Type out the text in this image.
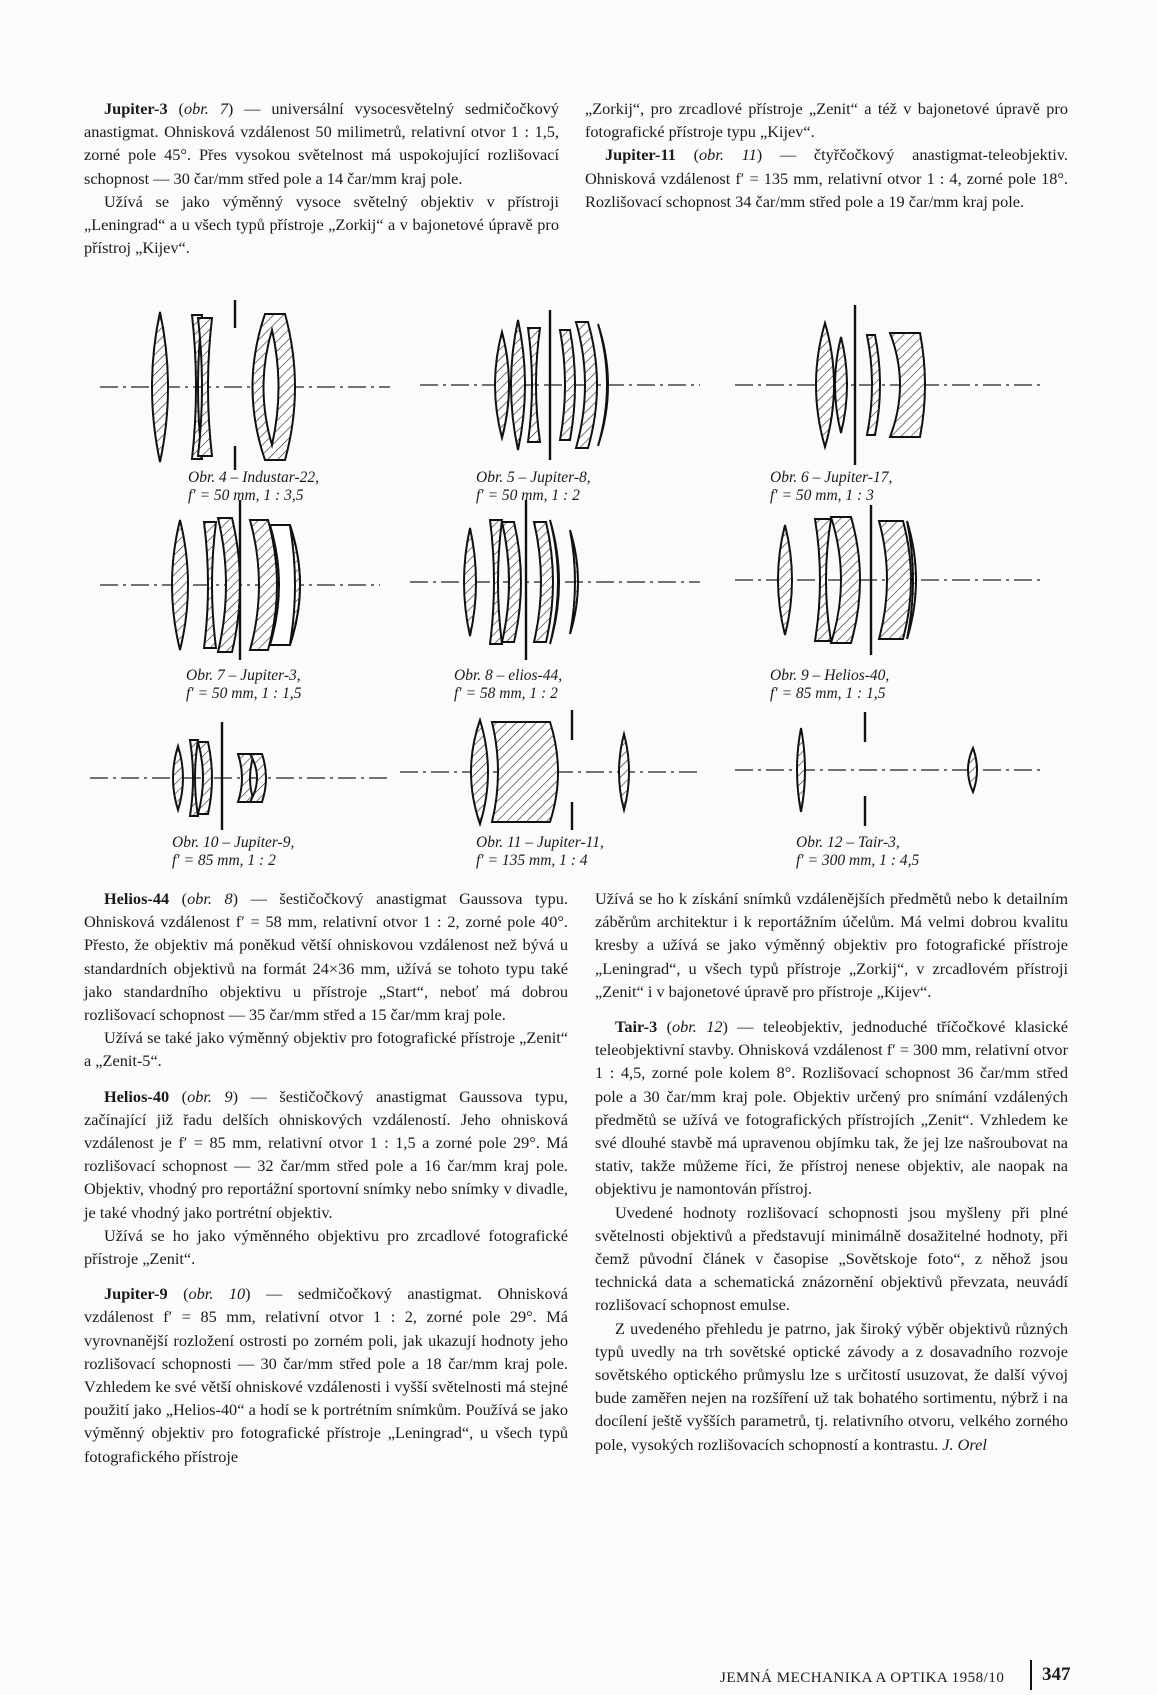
Jupiter-3 (obr. 7) — universální vysocesvětelný sedmičočkový anastigmat. Ohnisková vzdálenost 50 milimetrů, relativní otvor 1 : 1,5, zorné pole 45°. Přes vysokou světelnost má uspokojující rozlišovací schopnost — 30 čar/mm střed pole a 14 čar/mm kraj pole.

Užívá se jako výměnný vysoce světelný objektiv v přístroji „Leningrad“ a u všech typů přístroje „Zorkij“ a v bajonetové úpravě pro přístroj „Kijev“.

„Zorkij“, pro zrcadlové přístroje „Zenit“ a též v bajonetové úpravě pro fotografické přístroje typu „Kijev“.

Jupiter-11 (obr. 11) — čtyřčočkový anastigmat-teleobjektiv. Ohnisková vzdálenost f′ = 135 mm, relativní otvor 1 : 4, zorné pole 18°. Rozlišovací schopnost 34 čar/mm střed pole a 19 čar/mm kraj pole.

Obr. 4 – Industar-22,
f′ = 50 mm, 1 : 3,5
Obr. 5 – Jupiter-8,
f′ = 50 mm, 1 : 2
Obr. 6 – Jupiter-17,
f′ = 50 mm, 1 : 3
Obr. 7 – Jupiter-3,
f′ = 50 mm, 1 : 1,5
Obr. 8 – elios-44,
f′ = 58 mm, 1 : 2
Obr. 9 – Helios-40,
f′ = 85 mm, 1 : 1,5
Obr. 10 – Jupiter-9,
f′ = 85 mm, 1 : 2
Obr. 11 – Jupiter-11,
f′ = 135 mm, 1 : 4
Obr. 12 – Tair-3,
f′ = 300 mm, 1 : 4,5

Helios-44 (obr. 8) — šestičočkový anastigmat Gaussova typu. Ohnisková vzdálenost f′ = 58 mm, relativní otvor 1 : 2, zorné pole 40°. Přesto, že objektiv má poněkud větší ohniskovou vzdálenost než bývá u standardních objektivů na formát 24×36 mm, užívá se tohoto typu také jako standardního objektivu u přístroje „Start“, neboť má dobrou rozlišovací schopnost — 35 čar/mm střed a 15 čar/mm kraj pole.

Užívá se také jako výměnný objektiv pro fotografické přístroje „Zenit“ a „Zenit-5“.

Helios-40 (obr. 9) — šestičočkový anastigmat Gaussova typu, začínající již řadu delších ohniskových vzdáleností. Jeho ohnisková vzdálenost je f′ = 85 mm, relativní otvor 1 : 1,5 a zorné pole 29°. Má rozlišovací schopnost — 32 čar/mm střed pole a 16 čar/mm kraj pole. Objektiv, vhodný pro reportážní sportovní snímky nebo snímky v divadle, je také vhodný jako portrétní objektiv.

Užívá se ho jako výměnného objektivu pro zrcadlové fotografické přístroje „Zenit“.

Jupiter-9 (obr. 10) — sedmičočkový anastigmat. Ohnisková vzdálenost f′ = 85 mm, relativní otvor 1 : 2, zorné pole 29°. Má vyrovnanější rozložení ostrosti po zorném poli, jak ukazují hodnoty jeho rozlišovací schopnosti — 30 čar/mm střed pole a 18 čar/mm kraj pole. Vzhledem ke své větší ohniskové vzdálenosti i vyšší světelnosti má stejné použití jako „Helios-40“ a hodí se k portrétním snímkům. Používá se jako výměnný objektiv pro fotografické přístroje „Leningrad“, u všech typů fotografického přístroje

Užívá se ho k získání snímků vzdálenějších předmětů nebo k detailním záběrům architektur i k reportážním účelům. Má velmi dobrou kvalitu kresby a užívá se jako výměnný objektiv pro fotografické přístroje „Leningrad“, u všech typů přístroje „Zorkij“, v zrcadlovém přístroji „Zenit“ i v bajonetové úpravě pro přístroje „Kijev“.

Tair-3 (obr. 12) — teleobjektiv, jednoduché tříčočkové klasické teleobjektivní stavby. Ohnisková vzdálenost f′ = 300 mm, relativní otvor 1 : 4,5, zorné pole kolem 8°. Rozlišovací schopnost 36 čar/mm střed pole a 30 čar/mm kraj pole. Objektiv určený pro snímání vzdálených předmětů se užívá ve fotografických přístrojích „Zenit“. Vzhledem ke své dlouhé stavbě má upravenou objímku tak, že jej lze našroubovat na stativ, takže můžeme říci, že přístroj nenese objektiv, ale naopak na objektivu je namontován přístroj.

Uvedené hodnoty rozlišovací schopnosti jsou myšleny při plné světelnosti objektivů a představují minimálně dosažitelné hodnoty, při čemž původní článek v časopise „Sovětskoje foto“, z něhož jsou technická data a schematická znázornění objektivů převzata, neuvádí rozlišovací schopnost emulse.

Z uvedeného přehledu je patrno, jak široký výběr objektivů různých typů uvedly na trh sovětské optické závody a z dosavadního rozvoje sovětského optického průmyslu lze s určitostí usuzovat, že další vývoj bude zaměřen nejen na rozšíření už tak bohatého sortimentu, nýbrž i na docílení ještě vyšších parametrů, tj. relativního otvoru, velkého zorného pole, vysokých rozlišovacích schopností a kontrastu. J. Orel

JEMNÁ MECHANIKA A OPTIKA 1958/10 347
